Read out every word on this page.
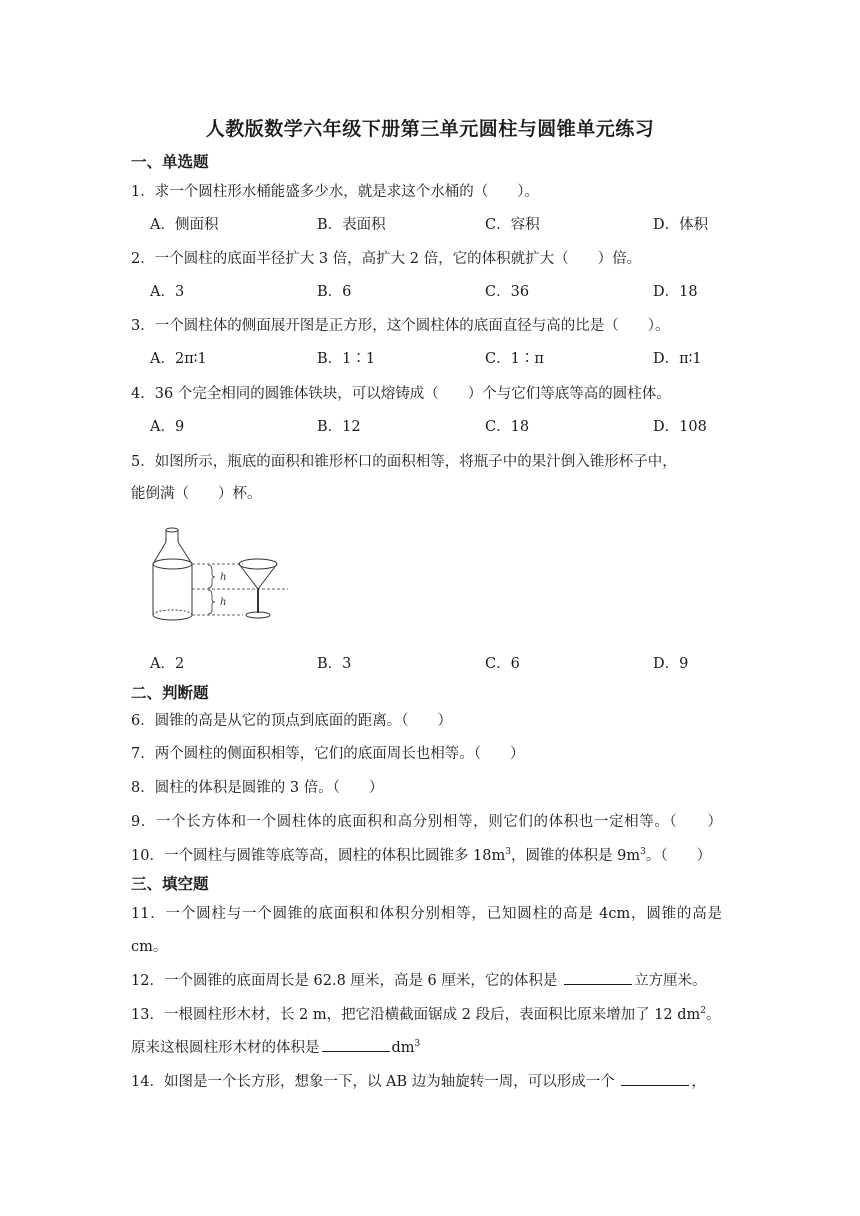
人教版数学六年级下册第三单元圆柱与圆锥单元练习
一、单选题
1．求一个圆柱形水桶能盛多少水，就是求这个水桶的（　　）。
A．侧面积	B．表面积	C．容积	D．体积
2．一个圆柱的底面半径扩大 3 倍，高扩大 2 倍，它的体积就扩大（　　）倍。
A．3	B．6	C．36	D．18
3．一个圆柱体的侧面展开图是正方形，这个圆柱体的底面直径与高的比是（　　）。
A．2π∶1	B．1∶1	C．1∶π	D．π∶1
4．36 个完全相同的圆锥体铁块，可以熔铸成（　　）个与它们等底等高的圆柱体。
A．9	B．12	C．18	D．108
5．如图所示，瓶底的面积和锥形杯口的面积相等，将瓶子中的果汁倒入锥形杯子中，
能倒满（　　）杯。
h
h
A．2	B．3	C．6	D．9
二、判断题
6．圆锥的高是从它的顶点到底面的距离。（　　）
7．两个圆柱的侧面积相等，它们的底面周长也相等。（　　）
8．圆柱的体积是圆锥的 3 倍。（　　）
9．一个长方体和一个圆柱体的底面积和高分别相等，则它们的体积也一定相等。（　　）
10．一个圆柱与圆锥等底等高，圆柱的体积比圆锥多 $18m^3$，圆锥的体积是 $9m^3$。（　　）
三、填空题
11．一个圆柱与一个圆锥的底面积和体积分别相等，已知圆柱的高是 4cm，圆锥的高是
cm。
12．一个圆锥的底面周长是 62.8 厘米，高是 6 厘米，它的体积是	立方厘米。
13．一根圆柱形木材，长 2 m，把它沿横截面锯成 2 段后，表面积比原来增加了 12 $dm^2$。
原来这根圆柱形木材的体积是	$dm^3$
14．如图是一个长方形，想象一下，以 AB 边为轴旋转一周，可以形成一个	，
